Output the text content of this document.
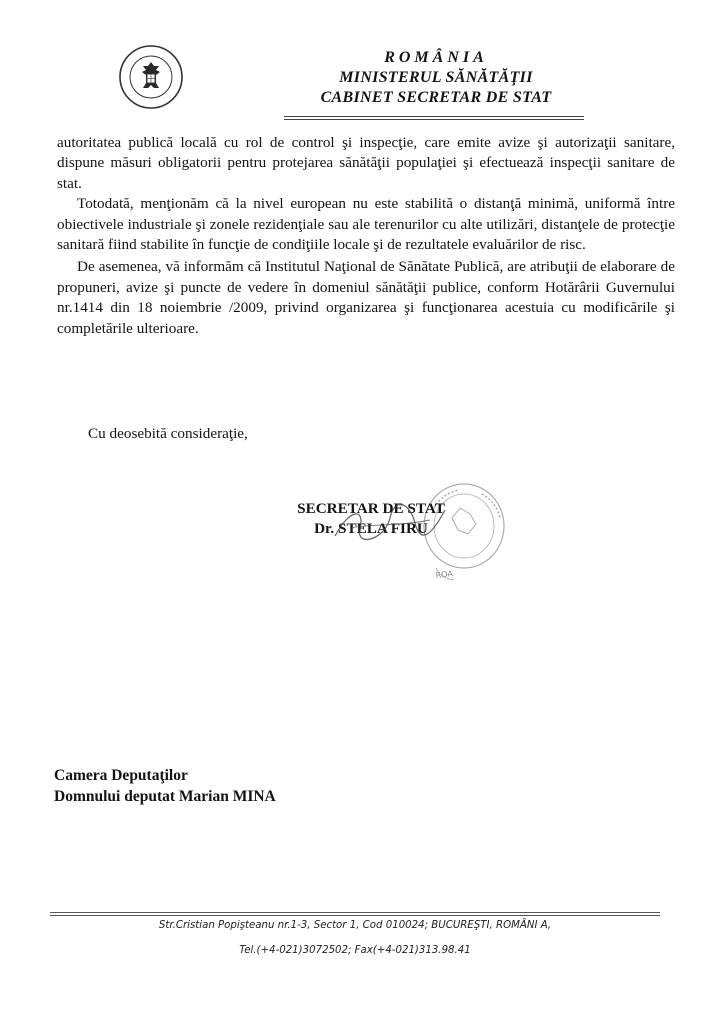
ROMÂNIA
MINISTERUL SĂNĂTĂŢII
CABINET SECRETAR DE STAT

autoritatea publică locală cu rol de control şi inspecţie, care emite avize şi autorizaţii sanitare, dispune măsuri obligatorii pentru protejarea sănătăţii populaţiei şi efectuează inspecţii sanitare de stat.

Totodată, menţionăm că la nivel european nu este stabilită o distanţă minimă, uniformă între obiectivele industriale şi zonele rezidenţiale sau ale terenurilor cu alte utilizări, distanţele de protecţie sanitară fiind stabilite în funcţie de condiţiile locale şi de rezultatele evaluărilor de risc.

De asemenea, vă informăm că Institutul Naţional de Sănătate Publică, are atribuţii de elaborare de propuneri, avize şi puncte de vedere în domeniul sănătăţii publice, conform Hotărârii Guvernului nr.1414 din 18 noiembrie /2009, privind organizarea şi funcţionarea acestuia cu modificările şi completările ulterioare.

Cu deosebită consideraţie,
ROA
SECRETAR DE STAT
Dr. STELA FIRU
Camera Deputaţilor
Domnului deputat Marian MINA
Str.Cristian Popişteanu nr.1-3, Sector 1, Cod 010024; BUCUREŞTI, ROMÂNI A,
Tel.(+4-021)3072502; Fax(+4-021)313.98.41
